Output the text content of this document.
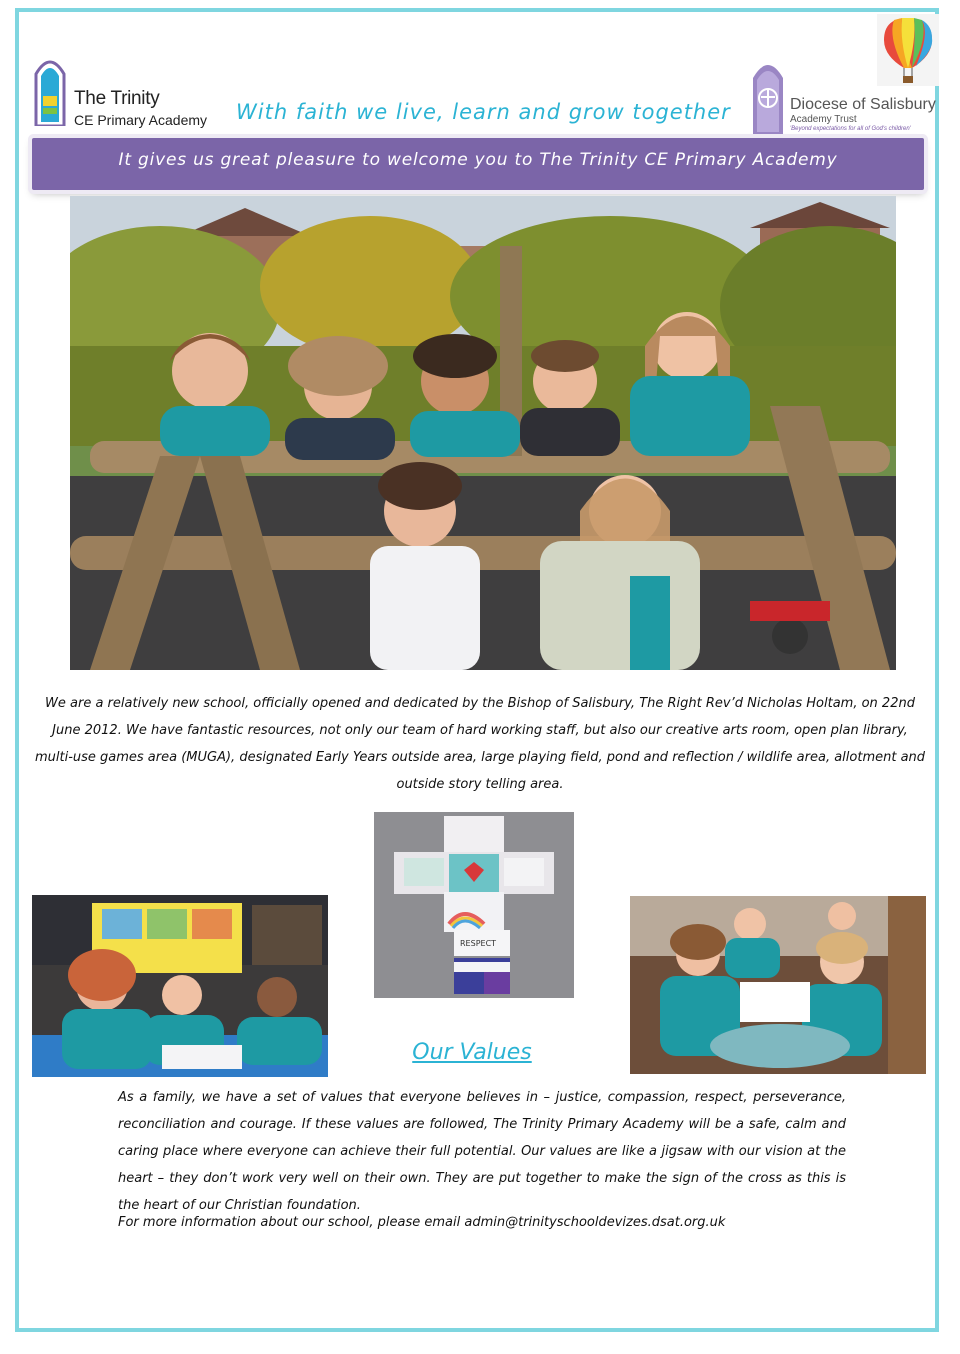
The Trinity
CE Primary Academy With faith we live, learn and grow together	Diocese of Salisbury
Academy Trust
'Beyond expectations for all of God's children'
It gives us great pleasure to welcome you to The Trinity CE Primary Academy
We are a relatively new school, officially opened and dedicated by the Bishop of Salisbury, The Right Rev’d Nicholas Holtam, on 22nd June 2012. We have fantastic resources, not only our team of hard working staff, but also our creative arts room, open plan library, multi-use games area (MUGA), designated Early Years outside area, large playing field, pond and reflection / wildlife area, allotment and outside story telling area.
RESPECT
Our Values
As a family, we have a set of values that everyone believes in – justice, compassion, respect, perseverance, reconciliation and courage. If these values are followed, The Trinity Primary Academy will be a safe, calm and caring place where everyone can achieve their full potential. Our values are like a jigsaw with our vision at the heart – they don’t work very well on their own. They are put together to make the sign of the cross as this is the heart of our Christian foundation.
For more information about our school, please email admin@trinityschooldevizes.dsat.org.uk
